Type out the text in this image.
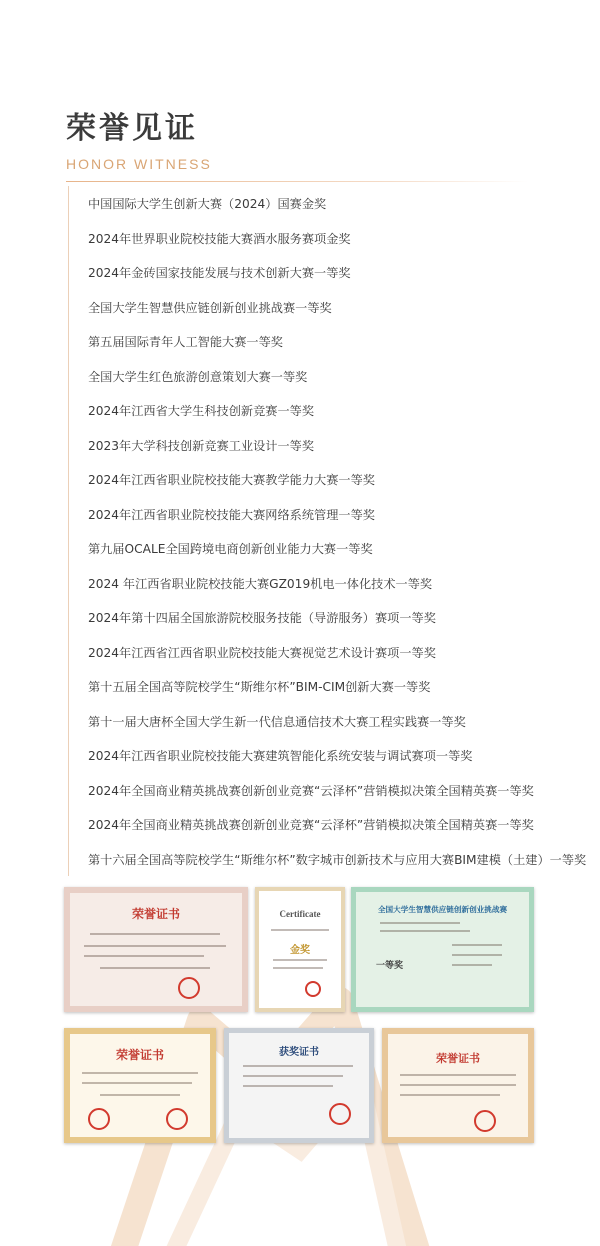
荣誉见证
HONOR WITNESS
中国国际大学生创新大赛（2024）国赛金奖
2024年世界职业院校技能大赛酒水服务赛项金奖
2024年金砖国家技能发展与技术创新大赛一等奖
全国大学生智慧供应链创新创业挑战赛一等奖
第五届国际青年人工智能大赛一等奖
全国大学生红色旅游创意策划大赛一等奖
2024年江西省大学生科技创新竞赛一等奖
2023年大学科技创新竞赛工业设计一等奖
2024年江西省职业院校技能大赛教学能力大赛一等奖
2024年江西省职业院校技能大赛网络系统管理一等奖
第九届OCALE全国跨境电商创新创业能力大赛一等奖
2024 年江西省职业院校技能大赛GZ019机电一体化技术一等奖
2024年第十四届全国旅游院校服务技能（导游服务）赛项一等奖
2024年江西省江西省职业院校技能大赛视觉艺术设计赛项一等奖
第十五届全国高等院校学生“斯维尔杯”BIM-CIM创新大赛一等奖
第十一届大唐杯全国大学生新一代信息通信技术大赛工程实践赛一等奖
2024年江西省职业院校技能大赛建筑智能化系统安装与调试赛项一等奖
2024年全国商业精英挑战赛创新创业竞赛“云泽杯”营销模拟决策全国精英赛一等奖
2024年全国商业精英挑战赛创新创业竞赛“云泽杯”营销模拟决策全国精英赛一等奖
第十六届全国高等院校学生“斯维尔杯”数字城市创新技术与应用大赛BIM建模（土建）一等奖
荣誉证书	Certificate
金奖
全国大学生智慧供应链创新创业挑战赛
一等奖
荣誉证书	获奖证书	荣誉证书
